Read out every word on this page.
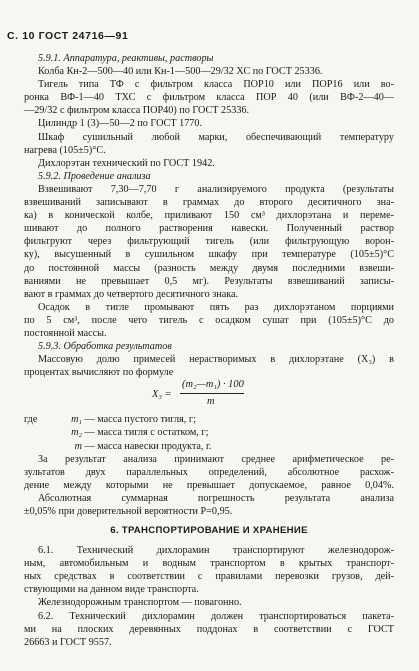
С. 10 ГОСТ 24716—91
5.9.1. Аппаратура, реактивы, растворы
Колба Кн-2—500—40 или Кн-1—500—29/32 ХС по ГОСТ 25336.
Тигель типа ТФ с фильтром класса ПОР10 или ПОР16 или во-
ронка ВФ-1—40 ТХС с фильтром класса ПОР 40 (или ВФ-2—40—
—29/32 с фильтром класса ПОР40) по ГОСТ 25336.
Цилиндр 1 (3)—50—2 по ГОСТ 1770.
Шкаф сушильный любой марки, обеспечивающий температуру
нагрева (105±5)°С.
Дихлорэтан технический по ГОСТ 1942.
5.9.2. Проведение анализа
Взвешивают 7,30—7,70 г анализируемого продукта (результаты
взвешиваний записывают в граммах до второго десятичного зна-
ка) в конической колбе, приливают 150 см³ дихлорэтана и переме-
шивают до полного растворения навески. Полученный раствор
фильтруют через фильтрующий тигель (или фильтрующую ворон-
ку), высушенный в сушильном шкафу при температуре (105±5)°С
до постоянной массы (разность между двумя последними взвеши-
ваниями не превышает 0,5 мг). Результаты взвешиваний записы-
вают в граммах до четвертого десятичного знака.
Осадок в тигле промывают пять раз дихлорэтаном порциями
по 5 см³, после чего тигель с осадком сушат при (105±5)°С до
постоянной массы.
5.9.3. Обработка результатов
Массовую долю примесей нерастворимых в дихлорэтане (X₃) в
процентах вычисляют по формуле
X₃ =
(m₂—m₁) · 100
m
где	m₁ — масса пустого тигля, г;
m₂ — масса тигля с остатком, г;
m — масса навески продукта, г.
За результат анализа принимают среднее арифметическое ре-
зультатов двух параллельных определений, абсолютное расхож-
дение между которыми не превышает допускаемое, равное 0,04%.
Абсолютная суммарная погрешность результата анализа
±0,05% при доверительной вероятности P=0,95.
6. ТРАНСПОРТИРОВАНИЕ И ХРАНЕНИЕ
6.1. Технический дихлорамин транспортируют железнодорож-
ным, автомобильным и водным транспортом в крытых транспорт-
ных средствах в соответствии с правилами перевозки грузов, дей-
ствующими на данном виде транспорта.
Железнодорожным транспортом — повагонно.
6.2. Технический дихлорамин должен транспортироваться пакета-
ми на плоских деревянных поддонах в соответствии с ГОСТ
26663 и ГОСТ 9557.
